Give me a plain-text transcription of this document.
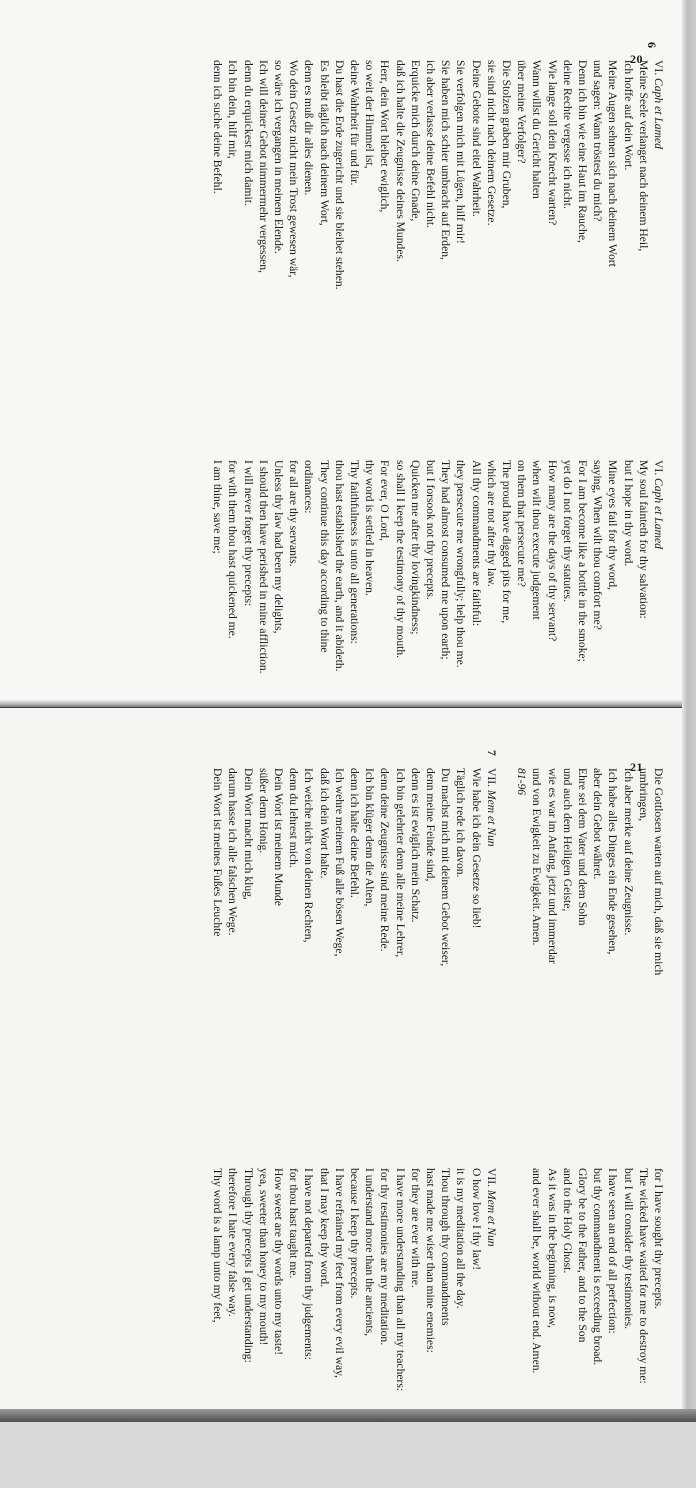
6
VI. Caph et Lamed
Meine Seele verlanget nach deinem Heil,
ich hoffe auf dein Wort.
Meine Augen sehnen sich nach deinem Wort
und sagen: Wann tröstest du mich?
Denn ich bin wie eine Haut im Rauche,
deine Rechte vergesse ich nicht.
Wie lange soll dein Knecht warten?
Wann willst du Gericht halten
über meine Verfolger?
Die Stolzen graben mir Gruben,
sie sind nicht nach deinem Gesetze.
Deine Gebote sind eitel Wahrheit.
Sie verfolgen mich mit Lügen, hilf mir!
Sie haben mich schier umbracht auf Erden,
ich aber verlasse deine Befehl nicht.
Erquicke mich durch deine Gnade,
daß ich halte die Zeugnisse deines Mundes.
Herr, dein Wort bleibet ewiglich,
so weit der Himmel ist,
deine Wahrheit für und für.
Du hast die Erde zugericht und sie bleibet stehen.
Es bleibt täglich nach deinem Wort,
denn es muß dir alles dienen.
Wo dein Gesetz nicht mein Trost gewesen wär,
so wäre ich vergangen in meinem Elende.
Ich will deiner Gebot nimmermehr vergessen,
denn du erquickest mich damit.
Ich bin dein, hilf mir,
denn ich suche deine Befehl.
VI. Caph et Lamed
My soul fainteth for thy salvation:
but I hope in thy word.
Mine eyes fail for thy word,
saying, When wilt thou comfort me?
For I am become like a bottle in the smoke;
yet do I not forget thy statutes.
How many are the days of thy servant?
when wilt thou execute judgement
on them that persecute me?
The proud have digged pits for me,
which are not after thy law.
All thy commandments are faithful:
they persecute me wrongfully; help thou me.
They had almost consumed me upon earth;
but I forsook not thy precepts.
Quicken me after thy lovingkindness;
so shall I keep the testimony of thy mouth.
For ever, O Lord,
thy word is settled in heaven.
Thy faithfulness is unto all generations:
thou hast established the earth, and it abideth.
They continue this day according to thine
ordinances:
for all are thy servants.
Unless thy law had been my delights,
I should then have perished in mine affliction.
I will never forget thy precepts:
for with them thou hast quickened me.
I am thine, save me;
20
Die Gottlosen warten auf mich, daß sie mich
umbringen,
ich aber merke auf deine Zeugnisse.
Ich habe alles Dinges ein Ende gesehen,
aber dein Gebot währet.
Ehre sei dem Vater und dem Sohn
und auch dem Heiligen Geiste,
wie es war im Anfang, jetzt und immerdar
und von Ewigkeit zu Ewigkeit. Amen.
81-96
7
VII. Mem et Nun
Wie habe ich dein Gesetze so lieb!
Täglich rede ich davon.
Du machst mich mit deinem Gebot weiser,
denn meine Feinde sind,
denn es ist ewiglich mein Schatz.
Ich bin gelehrter denn alle meine Lehrer,
denn deine Zeugnisse sind meine Rede.
Ich bin klüger denn die Alten,
denn ich halte deine Befehl.
Ich wehre meinem Fuß alle bösen Wege,
daß ich dein Wort halte.
Ich weiche nicht von deinen Rechten,
denn du lehrest mich.
Dein Wort ist meinem Munde
süßer denn Honig.
Dein Wort macht mich klug,
darum hasse ich alle falschen Wege.
Dein Wort ist meines Fußes Leuchte
for I have sought thy precepts.
The wicked have waited for me to destroy me:
but I will consider thy testimonies.
I have seen an end of all perfection:
but thy commandment is exceeding broad.
Glory be to the Father, and to the Son
and to the Holy Ghost.
As it was in the beginning, is now,
and ever shall be, world without end. Amen.
VII. Mem et Nun
O how love I thy law!
it is my meditation all the day.
Thou through thy commandments
hast made me wiser than mine enemies:
for they are ever with me.
I have more understanding than all my teachers:
for thy testimonies are my meditation.
I understand more than the ancients,
because I keep thy precepts.
I have refrained my feet from every evil way,
that I may keep thy word.
I have not departed from thy judgements:
for thou hast taught me.
How sweet are thy words unto my taste!
yea, sweeter than honey to my mouth!
Through thy precepts I get understanding:
therefore I hate every false way.
Thy word is a lamp unto my feet,
21
